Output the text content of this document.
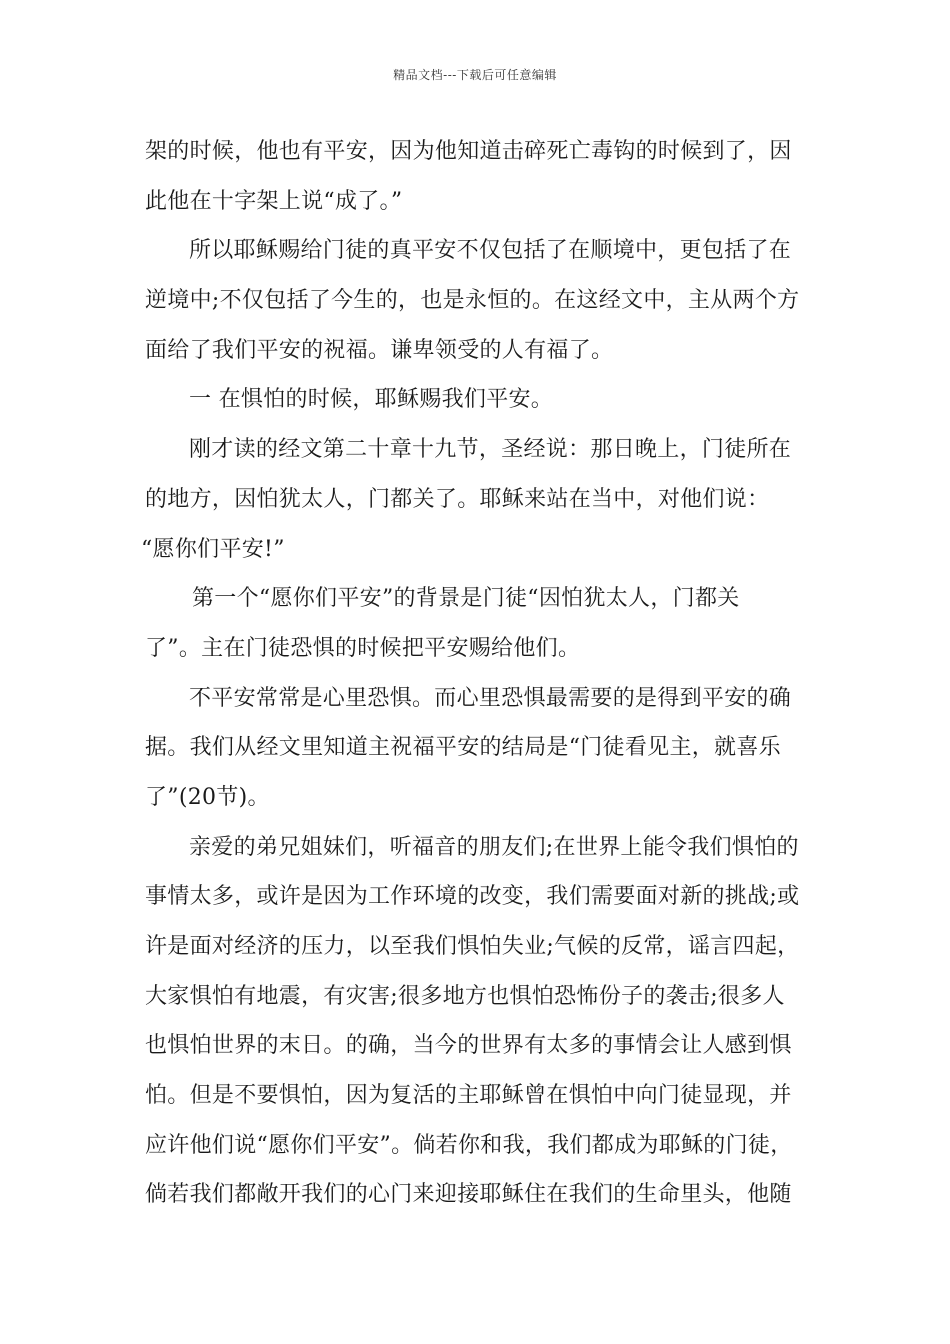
精品文档---下载后可任意编辑
架的时候，他也有平安，因为他知道击碎死亡毒钩的时候到了，因
此他在十字架上说“成了。”
所以耶稣赐给门徒的真平安不仅包括了在顺境中，更包括了在
逆境中;不仅包括了今生的，也是永恒的。在这经文中，主从两个方
面给了我们平安的祝福。谦卑领受的人有福了。
一 在惧怕的时候，耶稣赐我们平安。
刚才读的经文第二十章十九节，圣经说：那日晚上，门徒所在
的地方，因怕犹太人，门都关了。耶稣来站在当中，对他们说：
“愿你们平安!”
第一个“愿你们平安”的背景是门徒“因怕犹太人，门都关
了”。主在门徒恐惧的时候把平安赐给他们。
不平安常常是心里恐惧。而心里恐惧最需要的是得到平安的确
据。我们从经文里知道主祝福平安的结局是“门徒看见主，就喜乐
了”(20节)。
亲爱的弟兄姐妹们，听福音的朋友们;在世界上能令我们惧怕的
事情太多，或许是因为工作环境的改变，我们需要面对新的挑战;或
许是面对经济的压力，以至我们惧怕失业;气候的反常，谣言四起，
大家惧怕有地震，有灾害;很多地方也惧怕恐怖份子的袭击;很多人
也惧怕世界的末日。的确，当今的世界有太多的事情会让人感到惧
怕。但是不要惧怕，因为复活的主耶稣曾在惧怕中向门徒显现，并
应许他们说“愿你们平安”。倘若你和我，我们都成为耶稣的门徒，
倘若我们都敞开我们的心门来迎接耶稣住在我们的生命里头，他随
